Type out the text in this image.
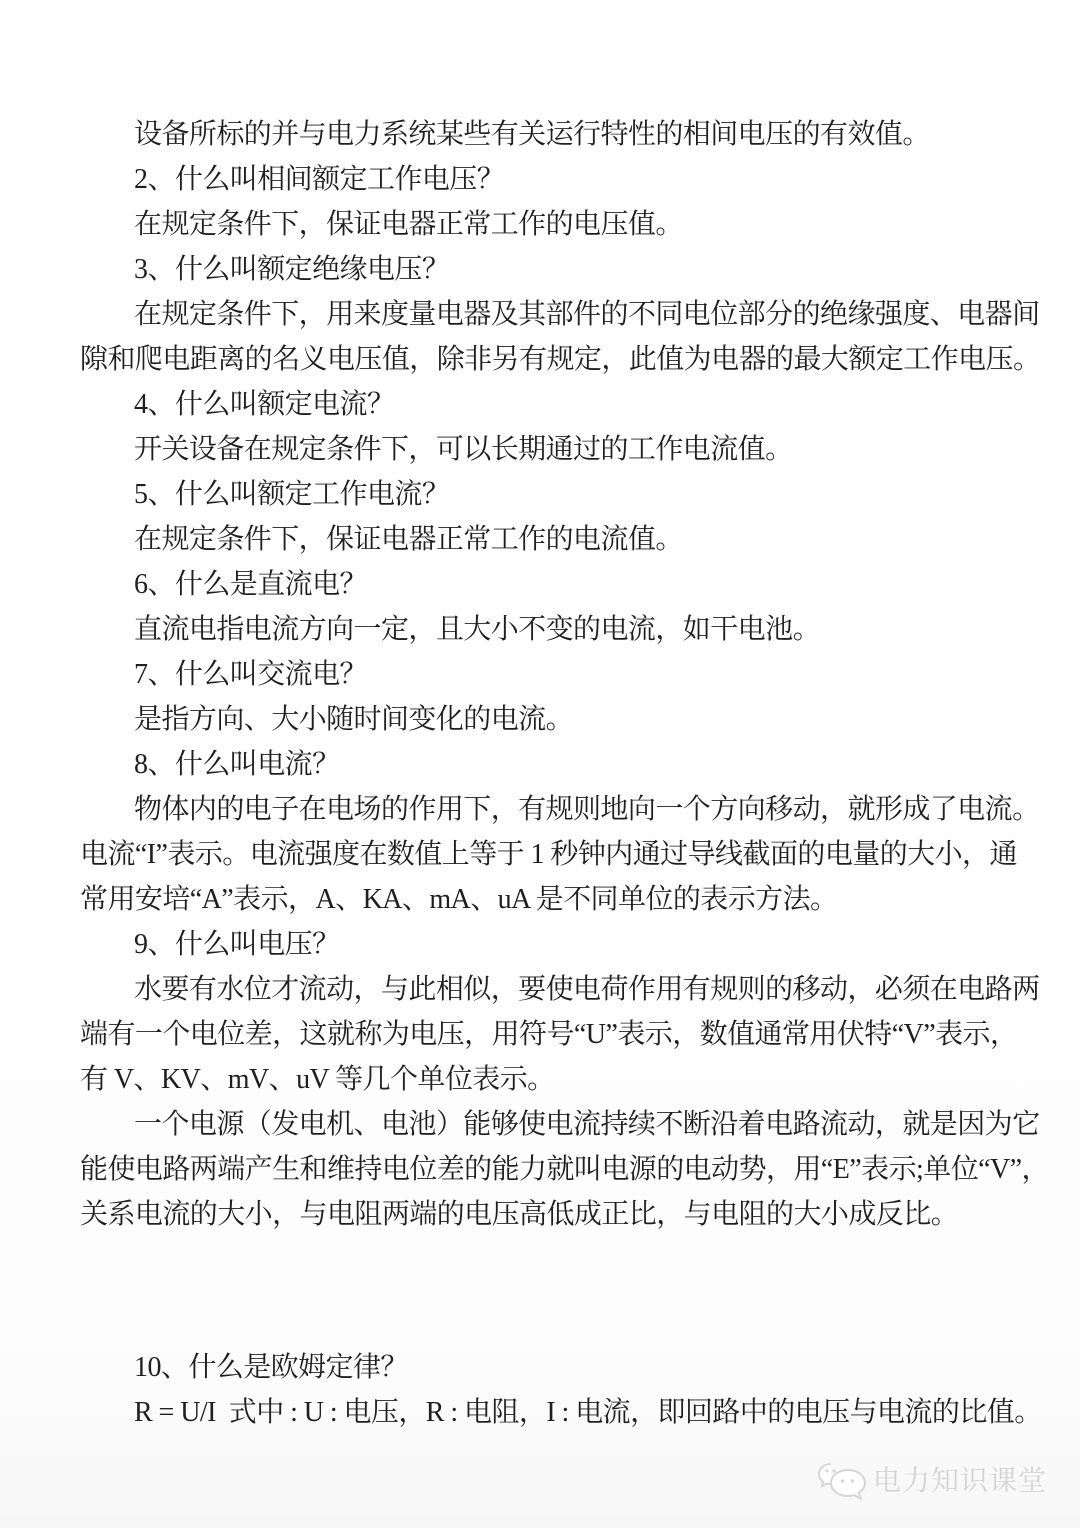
设备所标的并与电力系统某些有关运行特性的相间电压的有效值。
2、什么叫相间额定工作电压？
在规定条件下，保证电器正常工作的电压值。
3、什么叫额定绝缘电压？
在规定条件下，用来度量电器及其部件的不同电位部分的绝缘强度、电器间
隙和爬电距离的名义电压值，除非另有规定，此值为电器的最大额定工作电压。
4、什么叫额定电流？
开关设备在规定条件下，可以长期通过的工作电流值。
5、什么叫额定工作电流？
在规定条件下，保证电器正常工作的电流值。
6、什么是直流电？
直流电指电流方向一定，且大小不变的电流，如干电池。
7、什么叫交流电？
是指方向、大小随时间变化的电流。
8、什么叫电流？
物体内的电子在电场的作用下，有规则地向一个方向移动，就形成了电流。
电流“I”表示。电流强度在数值上等于 1 秒钟内通过导线截面的电量的大小，通
常用安培“A”表示，A、KA、mA、uA 是不同单位的表示方法。
9、什么叫电压？
水要有水位才流动，与此相似，要使电荷作用有规则的移动，必须在电路两
端有一个电位差，这就称为电压，用符号“U”表示，数值通常用伏特“V”表示，
有 V、KV、mV、uV 等几个单位表示。
一个电源（发电机、电池）能够使电流持续不断沿着电路流动，就是因为它
能使电路两端产生和维持电位差的能力就叫电源的电动势，用“E”表示;单位“V”，
关系电流的大小，与电阻两端的电压高低成正比，与电阻的大小成反比。
10、什么是欧姆定律？
R = U/I  式中 : U : 电压，R : 电阻，I : 电流，即回路中的电压与电流的比值。
电力知识课堂
